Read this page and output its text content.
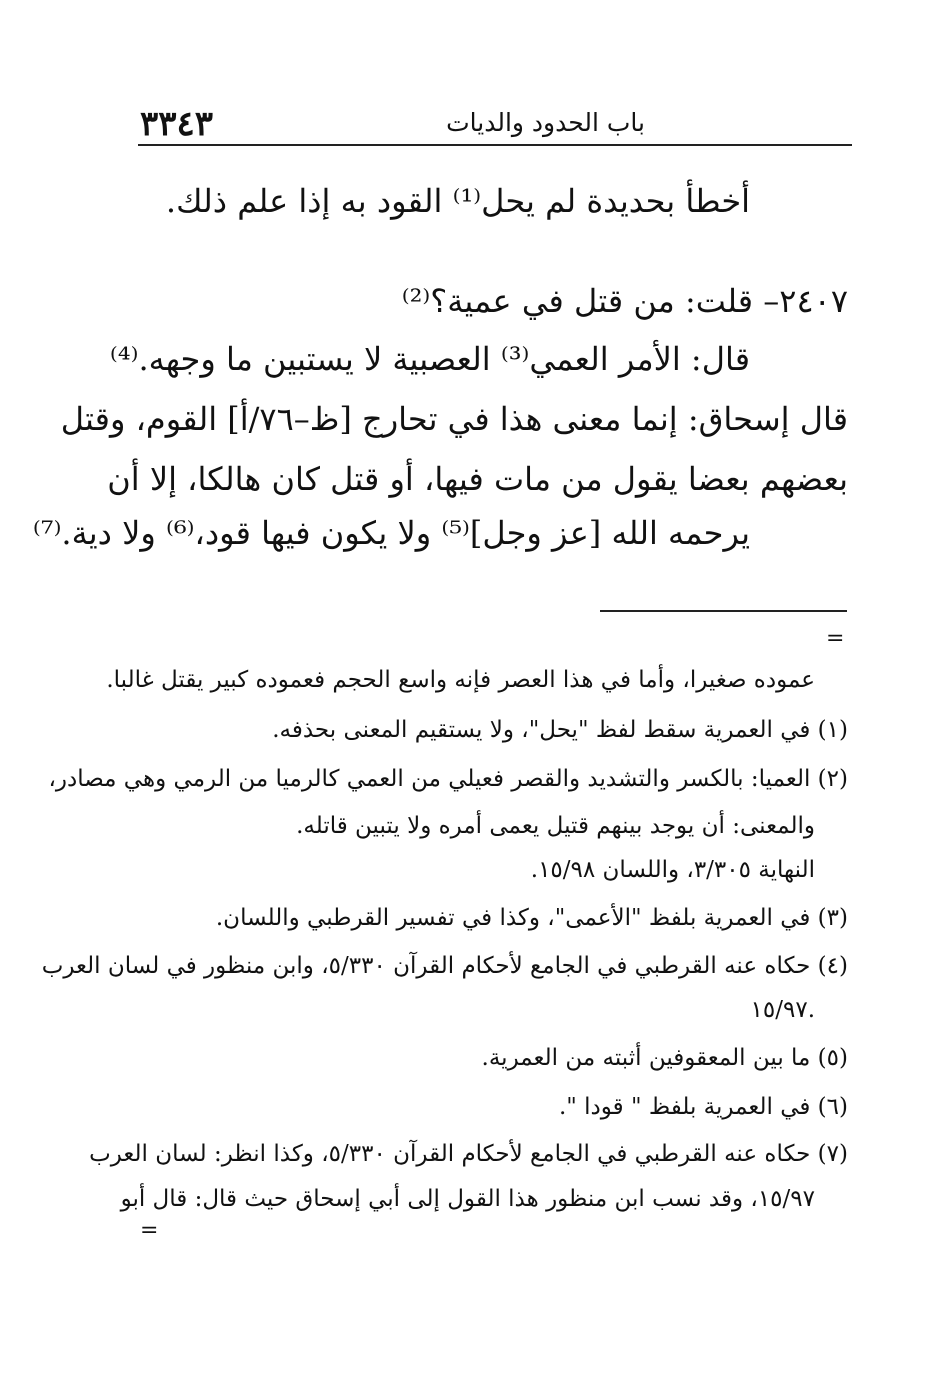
باب الحدود والديات
٣٣٤٣
أخطأ بحديدة لم يحل⁽¹⁾ القود به إذا علم ذلك.
٢٤٠٧– قلت: من قتل في عمية؟⁽²⁾
قال: الأمر العمي⁽³⁾ العصبية لا يستبين ما وجهه.⁽⁴⁾
قال إسحاق: إنما معنى هذا في تحارج [ظ–٧٦/أ] القوم، وقتل
بعضهم بعضا يقول من مات فيها، أو قتل كان هالكا، إلا أن
يرحمه الله [عز وجل]⁽⁵⁾ ولا يكون فيها قود،⁽⁶⁾ ولا دية.⁽⁷⁾
=
عموده صغيرا، وأما في هذا العصر فإنه واسع الحجم فعموده كبير يقتل غالبا.
(١) في العمرية سقط لفظ "يحل"، ولا يستقيم المعنى بحذفه.
(٢) العميا: بالكسر والتشديد والقصر فعيلي من العمي كالرميا من الرمي وهي مصادر،
والمعنى: أن يوجد بينهم قتيل يعمى أمره ولا يتبين قاتله.
النهاية ٣/٣٠٥، واللسان ١٥/٩٨.
(٣) في العمرية بلفظ "الأعمى"، وكذا في تفسير القرطبي واللسان.
(٤) حكاه عنه القرطبي في الجامع لأحكام القرآن ٥/٣٣٠، وابن منظور في لسان العرب
١٥/٩٧.
(٥) ما بين المعقوفين أثبته من العمرية.
(٦) في العمرية بلفظ " قودا ".
(٧) حكاه عنه القرطبي في الجامع لأحكام القرآن ٥/٣٣٠، وكذا انظر: لسان العرب
١٥/٩٧، وقد نسب ابن منظور هذا القول إلى أبي إسحاق حيث قال: قال أبو
=
